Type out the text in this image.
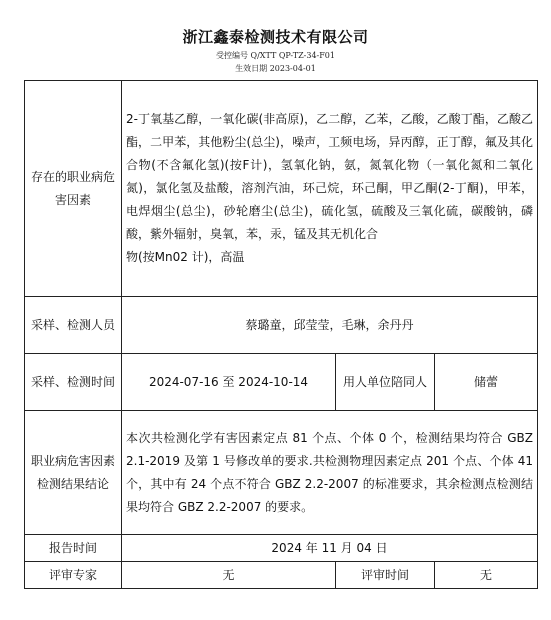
浙江鑫泰检测技术有限公司
受控编号 Q/XTT QP-TZ-34-F01
生效日期 2023-04-01
存在的职业病危害因素	2-丁氧基乙醇，一氧化碳(非高原)，乙二醇，乙苯，乙酸，乙酸丁酯，乙酸乙酯，二甲苯，其他粉尘(总尘)，噪声，工频电场，异丙醇，正丁醇，氟及其化合物(不含氟化氢)(按F计)，氢氧化钠，氨，氮氧化物（一氧化氮和二氧化氮)，氯化氢及盐酸，溶剂汽油，环己烷，环己酮，甲乙酮(2-丁酮)，甲苯，电焊烟尘(总尘)，砂轮磨尘(总尘)，硫化氢，硫酸及三氧化硫，碳酸钠，磷酸，紫外辐射，臭氧，苯，汞，锰及其无机化合
物(按Mn02 计)，高温		

采样、检测人员	蔡璐童，邱莹莹，毛琳，余丹丹		
采样、检测时间	2024-07-16 至 2024-10-14	用人单位陪同人	储蕾
职业病危害因素检测结果结论	本次共检测化学有害因素定点 81 个点、个体 0 个，检测结果均符合 GBZ 2.1-2019 及第 1 号修改单的要求.共检测物理因素定点 201 个点、个体 41 个，其中有 24 个点不符合 GBZ 2.2-2007 的标准要求，其余检测点检测结果均符合 GBZ 2.2-2007 的要求。		
报告时间	2024 年 11 月 04 日		
评审专家	无	评审时间	无
